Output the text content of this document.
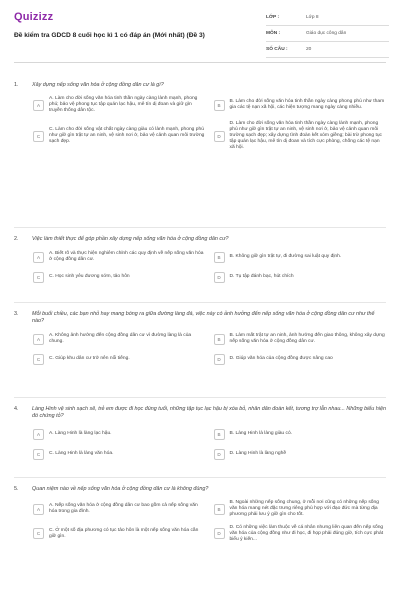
Quizizz
Đề kiểm tra GDCD 8 cuối học kì 1 có đáp án (Mới nhất) (Đề 3)
LỚP :	Lớp 8
MÔN :	Giáo dục công dân
SỐ CÂU :	20
1.	Xây dựng nếp sống văn hóa ở cộng đồng dân cư là gì?
A
A. Làm cho đời sống văn hóa tinh thần ngày càng lành mạnh, phong phú; bảo vệ phong tục tập quán lạc hậu, mê tín dị đoan và giữ gìn truyền thống dân tộc.
B
B. Làm cho đời sống văn hóa tinh thần ngày càng phong phú như tham gia các tệ nạn xã hội, các hiện tượng mang ngày càng nhiều.
C
C. Làm cho đời sống vật chất ngày càng giàu có lành mạnh, phong phú như giữ gìn trật tự an ninh, vệ sinh nơi ở, bảo vệ cảnh quan môi trường sạch đẹp.
D
D. Làm cho đời sống văn hóa tinh thần ngày càng lành mạnh, phong phú như giữ gìn trật tự an ninh, vệ sinh nơi ở, bảo vệ cảnh quan môi trường sạch đẹp; xây dựng tình đoàn kết xóm giềng; bài trừ phong tục tập quán lạc hậu, mê tín dị đoan và tích cực phòng, chống các tệ nạn xã hội.
2.	Việc làm thiết thực để góp phần xây dựng nếp sống văn hóa ở cộng đồng dân cư?
A
A. Biết rõ và thực hiện nghiêm chỉnh các quy định về nếp sống văn hóa ở cộng đồng dân cư.	B	B. Không giữ gìn trật tự, đi đường sai luật quy định.
C	C. Học sinh yêu đương sớm, tảo hôn	D	D. Tụ tập đánh bạc, hút chích
3.	Mỗi buổi chiều, các bạn nhỏ hay mang bóng ra giữa đường làng đá, việc này có ảnh hưởng đến nếp sống văn hóa ở cộng đồng dân cư như thế nào?
A
A. Không ảnh hưởng đến cộng đồng dân cư vì đường làng là của chung.	B
B. Làm mất trật tự an ninh, ảnh hưởng đến giao thông, không xây dựng nếp sống văn hóa ở cộng đồng dân cư.
C	C. Giúp khu dân cư trở nên nổi tiếng.	D	D. Giúp văn hóa của cộng đồng được nâng cao
4.	Làng Hinh vệ sinh sạch sẽ, trẻ em được đi học đúng tuổi, những tập tục lạc hậu bị xóa bỏ, nhân dân đoàn kết, tương trợ lẫn nhau... Những biểu hiện đó chứng tỏ?
A	A. Làng Hinh là làng lạc hậu.	B	B. Làng Hinh là làng giàu có.
C	C. Làng Hinh là làng văn hóa.	D	D. Làng Hinh là làng nghề
5.	Quan niệm nào về nếp sống văn hóa ở cộng đồng dân cư là không đúng?
A
A. Nếp sống văn hóa ở cộng đồng dân cư bao gồm cả nếp sống văn hóa trong gia đình.	B
B. Ngoài những nếp sống chung, ở mỗi nơi cũng có những nếp sống văn hóa mang nét đặc trưng riêng phù hợp với đạo đức mà từng địa phương phải lưu ý giữ gìn cho tốt.
C
C. Ở một số địa phương có tục tảo hôn là một nếp sống văn hóa cần giữ gìn.	D
D. Có những việc làm thuộc về cá nhân nhưng liên quan đến nếp sống văn hóa của cộng đồng như đi học, đi họp phải đúng giờ, tích cực phát biểu ý kiến...
